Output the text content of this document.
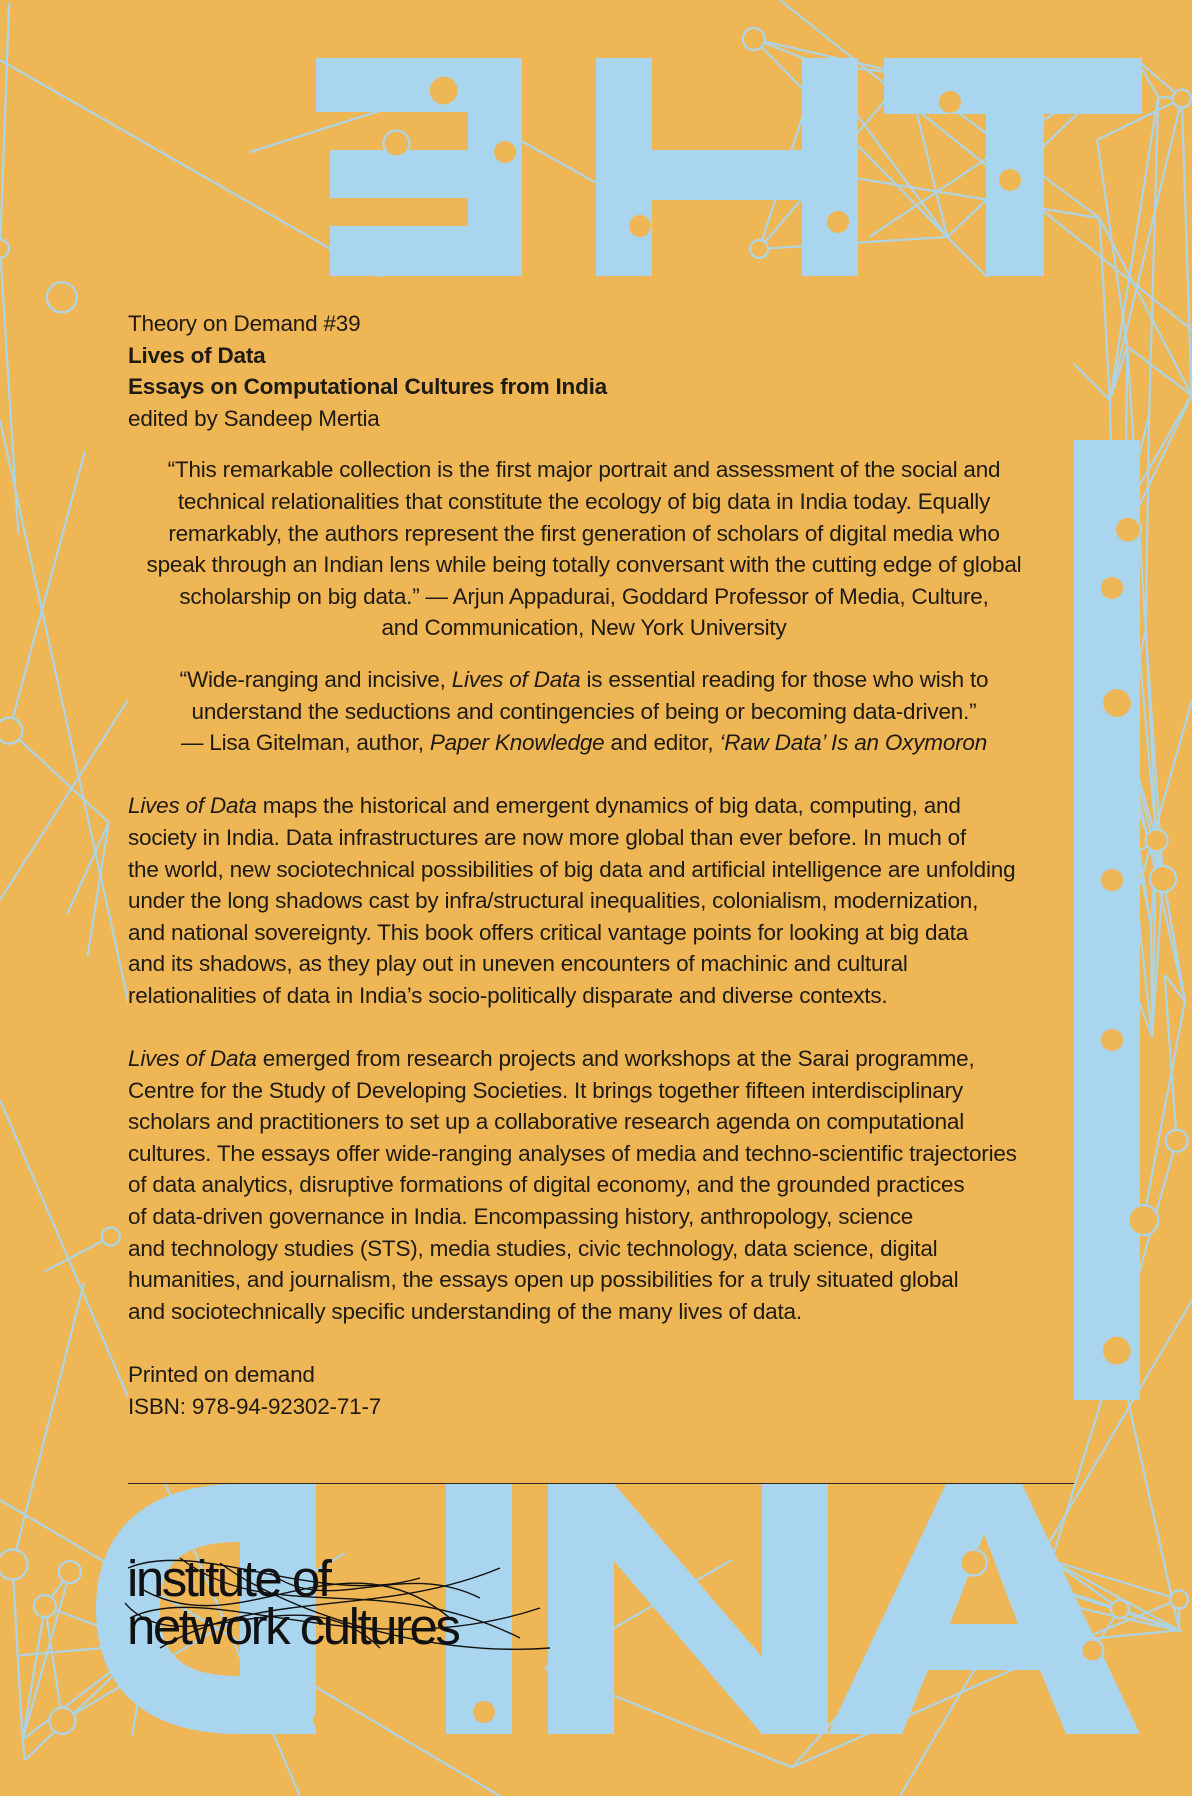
Theory on Demand #39

Lives of Data

Essays on Computational Cultures from India

edited by Sandeep Mertia

“This remarkable collection is the first major portrait and assessment of the social and

technical relationalities that constitute the ecology of big data in India today. Equally

remarkably, the authors represent the first generation of scholars of digital media who

speak through an Indian lens while being totally conversant with the cutting edge of global

scholarship on big data.” — Arjun Appadurai, Goddard Professor of Media, Culture,

and Communication, New York University

“Wide-ranging and incisive, Lives of Data is essential reading for those who wish to

understand the seductions and contingencies of being or becoming data-driven.”

— Lisa Gitelman, author, Paper Knowledge and editor, ‘Raw Data’ Is an Oxymoron

Lives of Data maps the historical and emergent dynamics of big data, computing, and

society in India. Data infrastructures are now more global than ever before. In much of

the world, new sociotechnical possibilities of big data and artificial intelligence are unfolding

under the long shadows cast by infra/structural inequalities, colonialism, modernization,

and national sovereignty. This book offers critical vantage points for looking at big data

and its shadows, as they play out in uneven encounters of machinic and cultural

relationalities of data in India’s socio-politically disparate and diverse contexts.

Lives of Data emerged from research projects and workshops at the Sarai programme,

Centre for the Study of Developing Societies. It brings together fifteen interdisciplinary

scholars and practitioners to set up a collaborative research agenda on computational

cultures. The essays offer wide-ranging analyses of media and techno-scientific trajectories

of data analytics, disruptive formations of digital economy, and the grounded practices

of data-driven governance in India. Encompassing history, anthropology, science

and technology studies (STS), media studies, civic technology, data science, digital

humanities, and journalism, the essays open up possibilities for a truly situated global

and sociotechnically specific understanding of the many lives of data.

Printed on demand

ISBN: 978-94-92302-71-7

institute of
network cultures
